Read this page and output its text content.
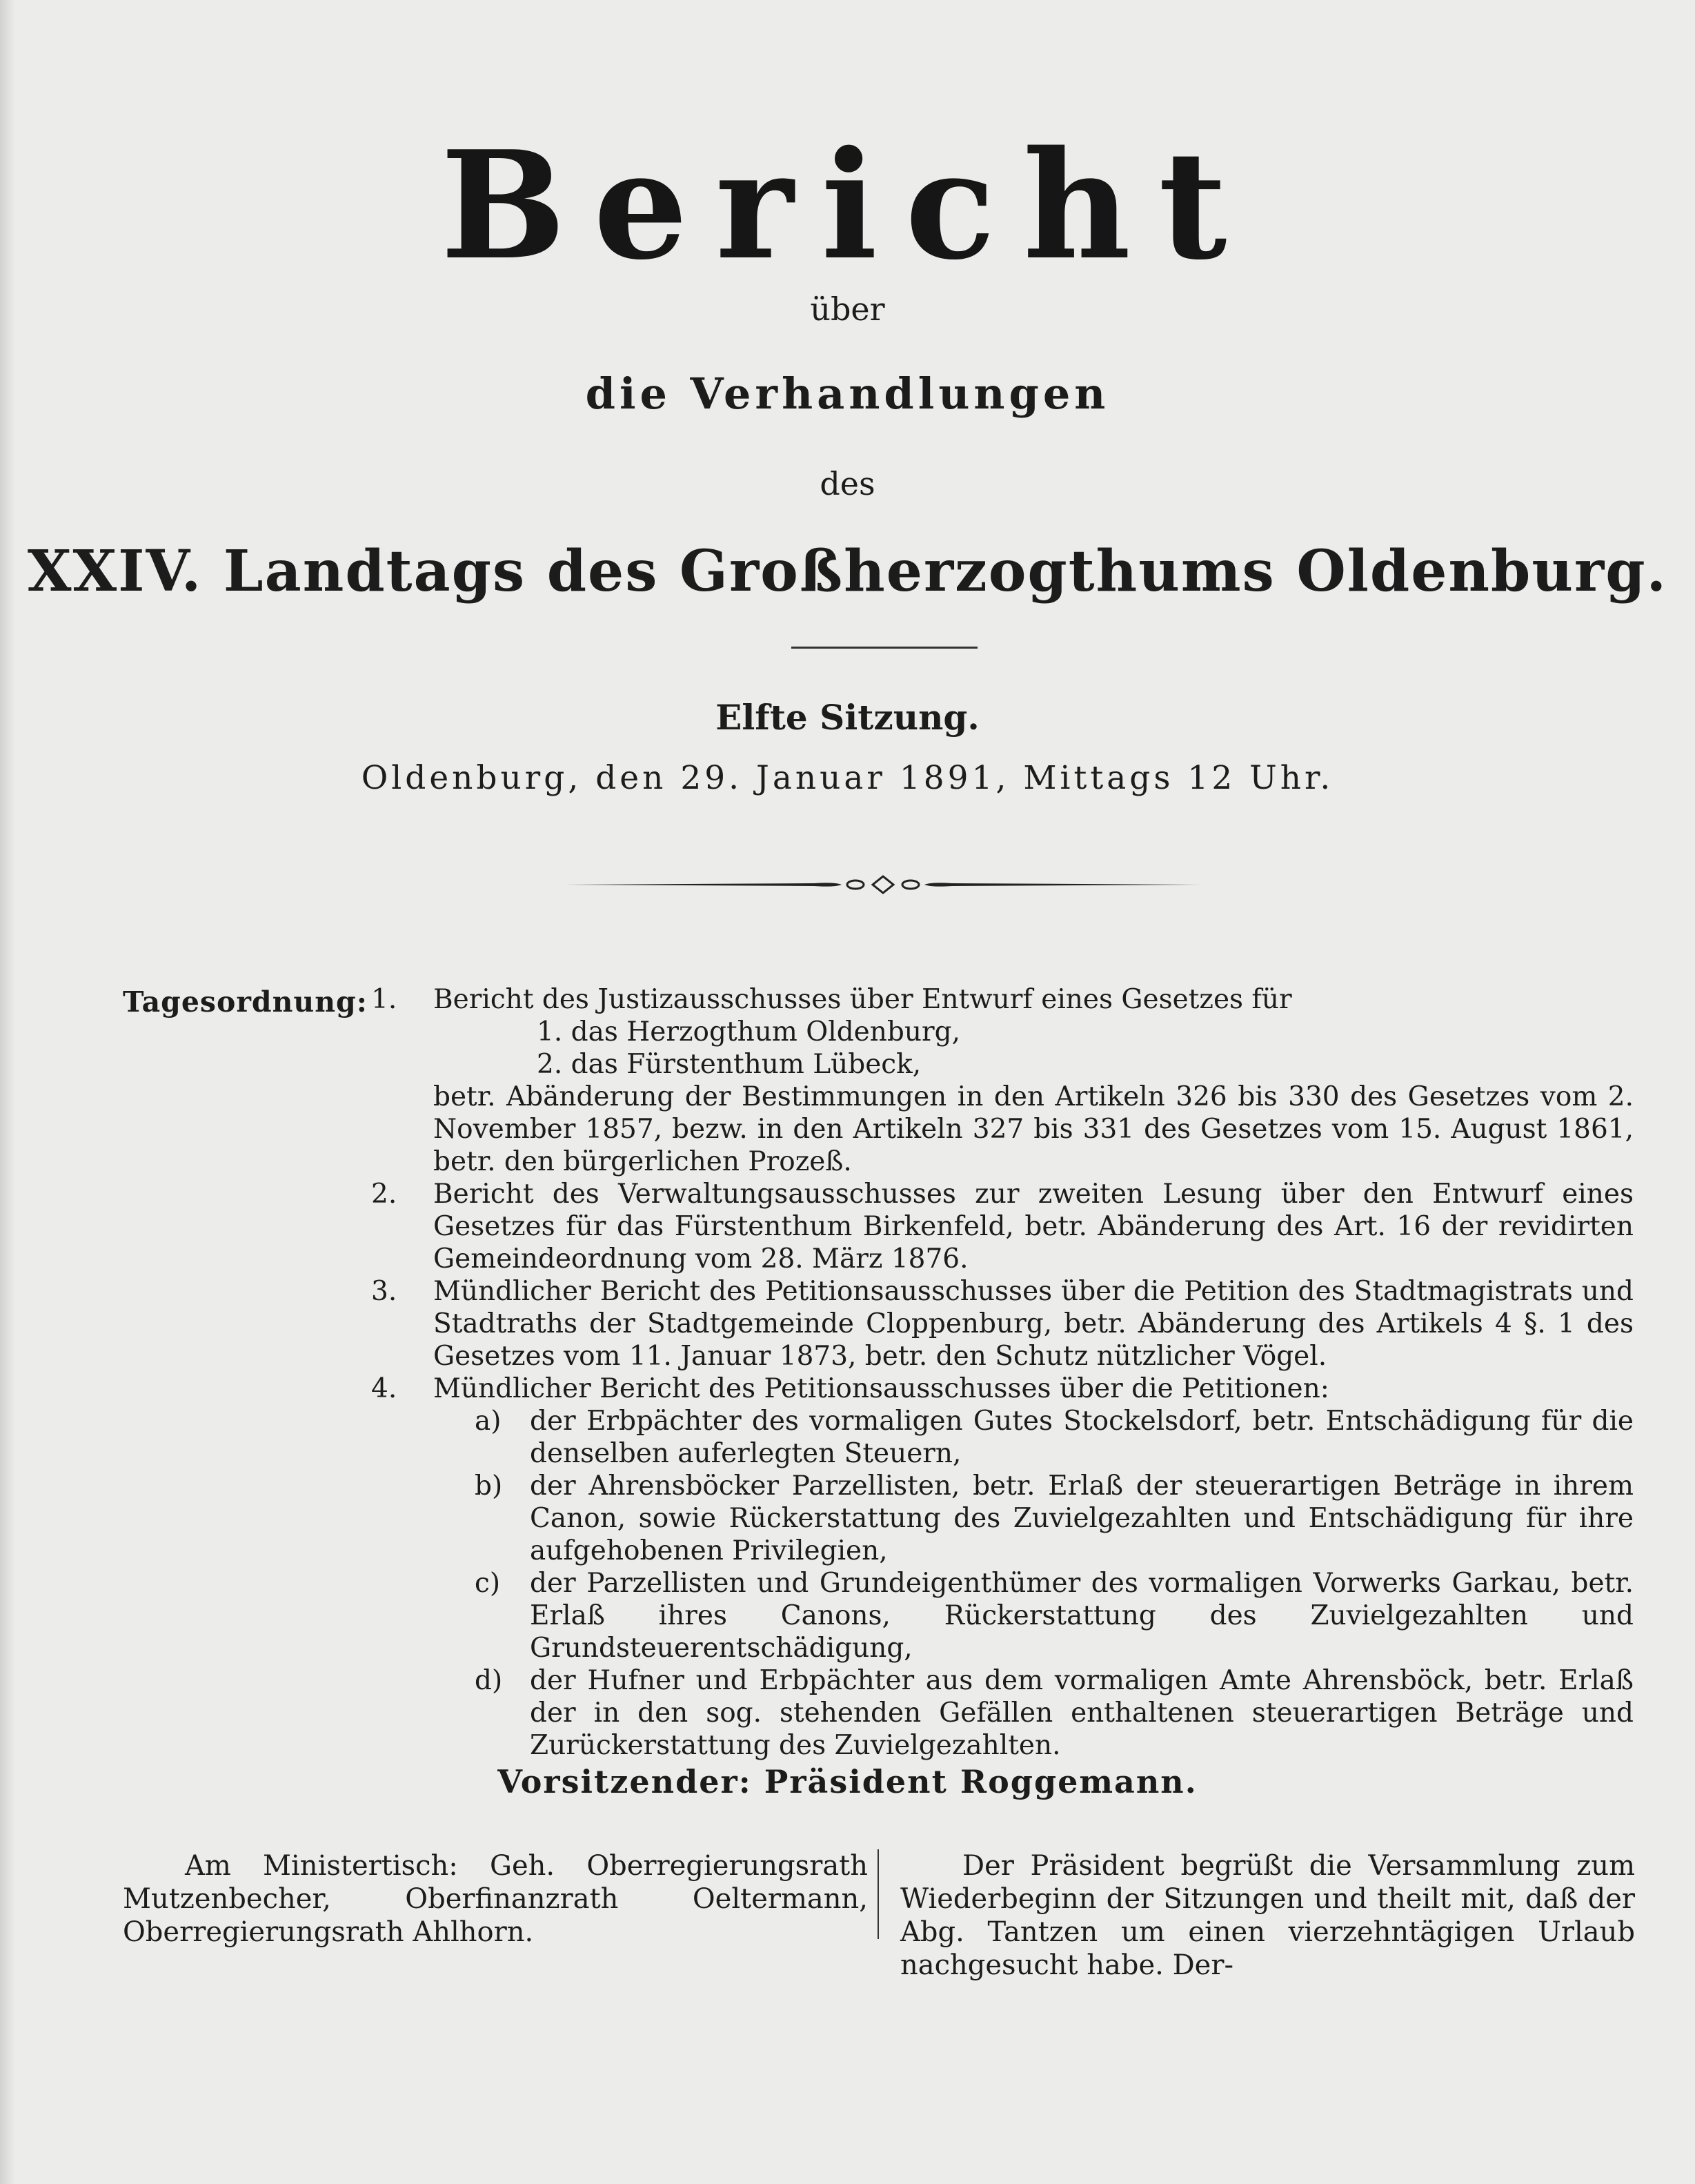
Bericht
über
die Verhandlungen
des
XXIV. Landtags des Großherzogthums Oldenburg.
Elfte Sitzung.
Oldenburg, den 29. Januar 1891, Mittags 12 Uhr.
Tagesordnung: 1.	Bericht des Justizausschusses über Entwurf eines Gesetzes für
1. das Herzogthum Oldenburg,
2. das Fürstenthum Lübeck,
betr. Abänderung der Bestimmungen in den Artikeln 326 bis 330 des Gesetzes vom 2. November 1857, bezw. in den Artikeln 327 bis 331 des Gesetzes vom 15. August 1861, betr. den bürgerlichen Prozeß.
2.	Bericht des Verwaltungsausschusses zur zweiten Lesung über den Entwurf eines Gesetzes für das Fürstenthum Birkenfeld, betr. Abänderung des Art. 16 der revidirten Gemeindeordnung vom 28. März 1876.
3.	Mündlicher Bericht des Petitionsausschusses über die Petition des Stadtmagistrats und Stadtraths der Stadtgemeinde Cloppenburg, betr. Abänderung des Artikels 4 §. 1 des Gesetzes vom 11. Januar 1873, betr. den Schutz nützlicher Vögel.
4.	Mündlicher Bericht des Petitionsausschusses über die Petitionen:
a)	der Erbpächter des vormaligen Gutes Stockelsdorf, betr. Entschädigung für die denselben auferlegten Steuern,
b)	der Ahrensböcker Parzellisten, betr. Erlaß der steuerartigen Beträge in ihrem Canon, sowie Rückerstattung des Zuvielgezahlten und Entschädigung für ihre aufgehobenen Privilegien,
c)	der Parzellisten und Grundeigenthümer des vormaligen Vorwerks Garkau, betr. Erlaß ihres Canons, Rückerstattung des Zuvielgezahlten und Grundsteuerentschädigung,
d)	der Hufner und Erbpächter aus dem vormaligen Amte Ahrensböck, betr. Erlaß der in den sog. stehenden Gefällen enthaltenen steuerartigen Beträge und Zurückerstattung des Zuvielgezahlten.
Vorsitzender: Präsident Roggemann.
Am Ministertisch: Geh. Oberregierungsrath Mutzenbecher, Oberfinanzrath Oeltermann, Oberregierungsrath Ahlhorn.
Der Präsident begrüßt die Versammlung zum Wiederbeginn der Sitzungen und theilt mit, daß der Abg. Tantzen um einen vierzehntägigen Urlaub nachgesucht habe. Der-
